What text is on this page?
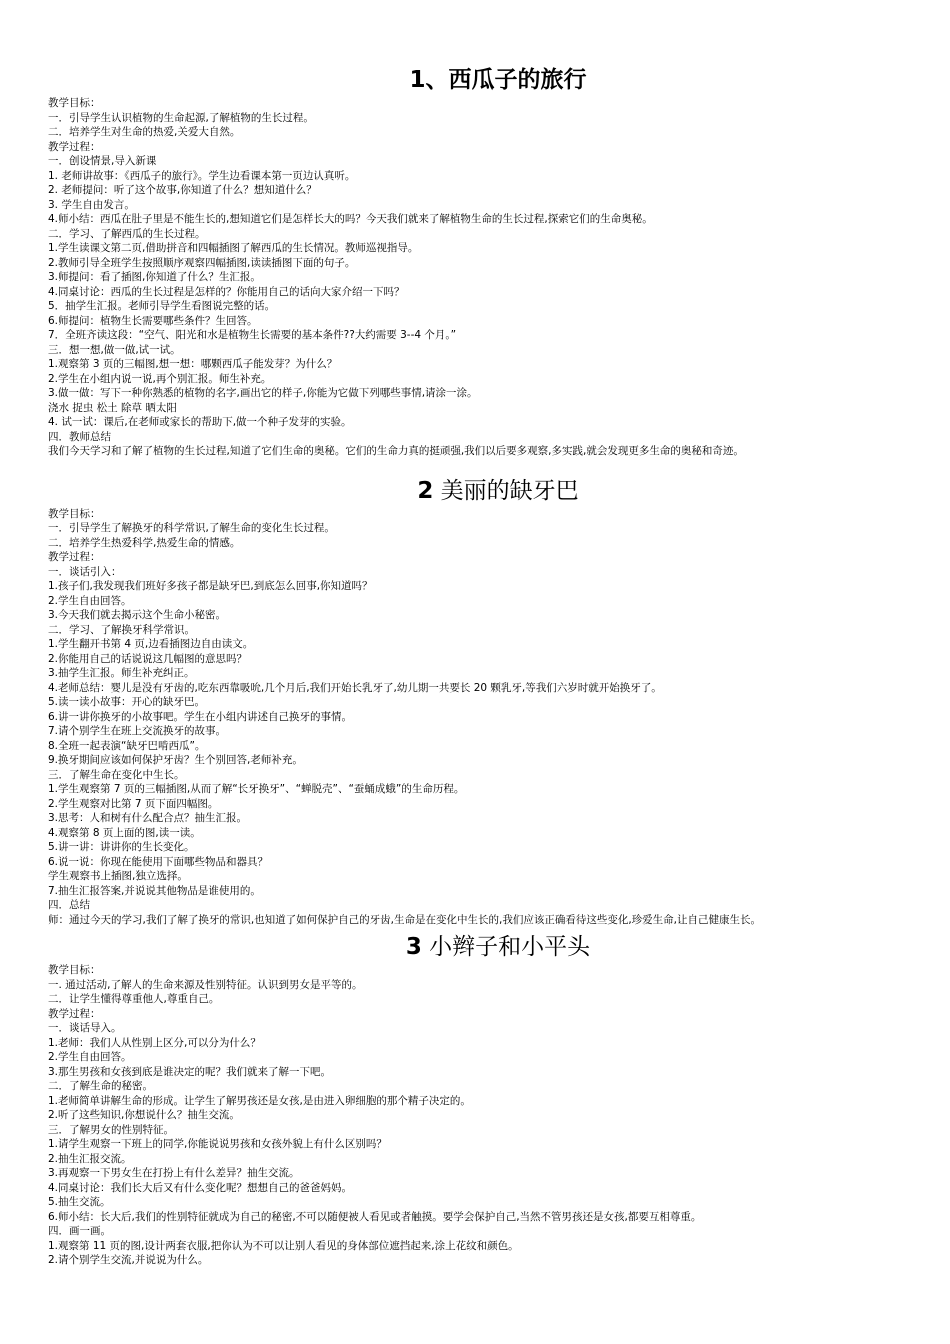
1、西瓜子的旅行
教学目标：
一．引导学生认识植物的生命起源,了解植物的生长过程。
二．培养学生对生命的热爱,关爱大自然。
教学过程：
一．创设情景,导入新课
1. 老师讲故事：《西瓜子的旅行》。学生边看课本第一页边认真听。
2. 老师提问：听了这个故事,你知道了什么？想知道什么？
3. 学生自由发言。
4.师小结：西瓜在肚子里是不能生长的,想知道它们是怎样长大的吗？今天我们就来了解植物生命的生长过程,探索它们的生命奥秘。
二．学习、了解西瓜的生长过程。
1.学生读课文第二页,借助拼音和四幅插图了解西瓜的生长情况。教师巡视指导。
2.教师引导全班学生按照顺序观察四幅插图,读读插图下面的句子。
3.师提问：看了插图,你知道了什么？生汇报。
4.同桌讨论：西瓜的生长过程是怎样的？你能用自己的话向大家介绍一下吗？
5．抽学生汇报。老师引导学生看图说完整的话。
6.师提问：植物生长需要哪些条件？生回答。
7．全班齐读这段：“空气、阳光和水是植物生长需要的基本条件??大约需要 3--4 个月。”
三．想一想,做一做,试一试。
1.观察第 3 页的三幅图,想一想：哪颗西瓜子能发芽？为什么？
2.学生在小组内说一说,再个别汇报。师生补充。
3.做一做：写下一种你熟悉的植物的名字,画出它的样子,你能为它做下列哪些事情,请涂一涂。
浇水 捉虫 松土 除草 晒太阳
4. 试一试：课后,在老师或家长的帮助下,做一个种子发芽的实验。
四．教师总结
我们今天学习和了解了植物的生长过程,知道了它们生命的奥秘。它们的生命力真的挺顽强,我们以后要多观察,多实践,就会发现更多生命的奥秘和奇迹。
2 美丽的缺牙巴
教学目标：
一．引导学生了解换牙的科学常识,了解生命的变化生长过程。
二．培养学生热爱科学,热爱生命的情感。
教学过程：
一．谈话引入：
1.孩子们,我发现我们班好多孩子都是缺牙巴,到底怎么回事,你知道吗？
2.学生自由回答。
3.今天我们就去揭示这个生命小秘密。
二．学习、了解换牙科学常识。
1.学生翻开书第 4 页,边看插图边自由读文。
2.你能用自己的话说说这几幅图的意思吗？
3.抽学生汇报。师生补充纠正。
4.老师总结：婴儿是没有牙齿的,吃东西靠吸吮,几个月后,我们开始长乳牙了,幼儿期一共要长 20 颗乳牙,等我们六岁时就开始换牙了。
5.读一读小故事：开心的缺牙巴。
6.讲一讲你换牙的小故事吧。学生在小组内讲述自己换牙的事情。
7.请个别学生在班上交流换牙的故事。
8.全班一起表演“缺牙巴啃西瓜”。
9.换牙期间应该如何保护牙齿？生个别回答,老师补充。
三．了解生命在变化中生长。
1.学生观察第 7 页的三幅插图,从而了解“长牙换牙”、“蝉脱壳”、“蚕蛹成蛾”的生命历程。
2.学生观察对比第 7 页下面四幅图。
3.思考：人和树有什么配合点？抽生汇报。
4.观察第 8 页上面的图,读一读。
5.讲一讲：讲讲你的生长变化。
6.说一说：你现在能使用下面哪些物品和器具？
学生观察书上插图,独立选择。
7.抽生汇报答案,并说说其他物品是谁使用的。
四．总结
师：通过今天的学习,我们了解了换牙的常识,也知道了如何保护自己的牙齿,生命是在变化中生长的,我们应该正确看待这些变化,珍爱生命,让自己健康生长。
3 小辫子和小平头
教学目标：
一. 通过活动,了解人的生命来源及性别特征。认识到男女是平等的。
二．让学生懂得尊重他人,尊重自己。
教学过程：
一．谈话导入。
1.老师：我们人从性别上区分,可以分为什么？
2.学生自由回答。
3.那生男孩和女孩到底是谁决定的呢？我们就来了解一下吧。
二．了解生命的秘密。
1.老师简单讲解生命的形成。让学生了解男孩还是女孩,是由进入卵细胞的那个精子决定的。
2.听了这些知识,你想说什么？抽生交流。
三．了解男女的性别特征。
1.请学生观察一下班上的同学,你能说说男孩和女孩外貌上有什么区别吗？
2.抽生汇报交流。
3.再观察一下男女生在打扮上有什么差异？抽生交流。
4.同桌讨论：我们长大后又有什么变化呢？想想自己的爸爸妈妈。
5.抽生交流。
6.师小结：长大后,我们的性别特征就成为自己的秘密,不可以随便被人看见或者触摸。要学会保护自己,当然不管男孩还是女孩,都要互相尊重。
四．画一画。
1.观察第 11 页的图,设计两套衣服,把你认为不可以让别人看见的身体部位遮挡起来,涂上花纹和颜色。
2.请个别学生交流,并说说为什么。
